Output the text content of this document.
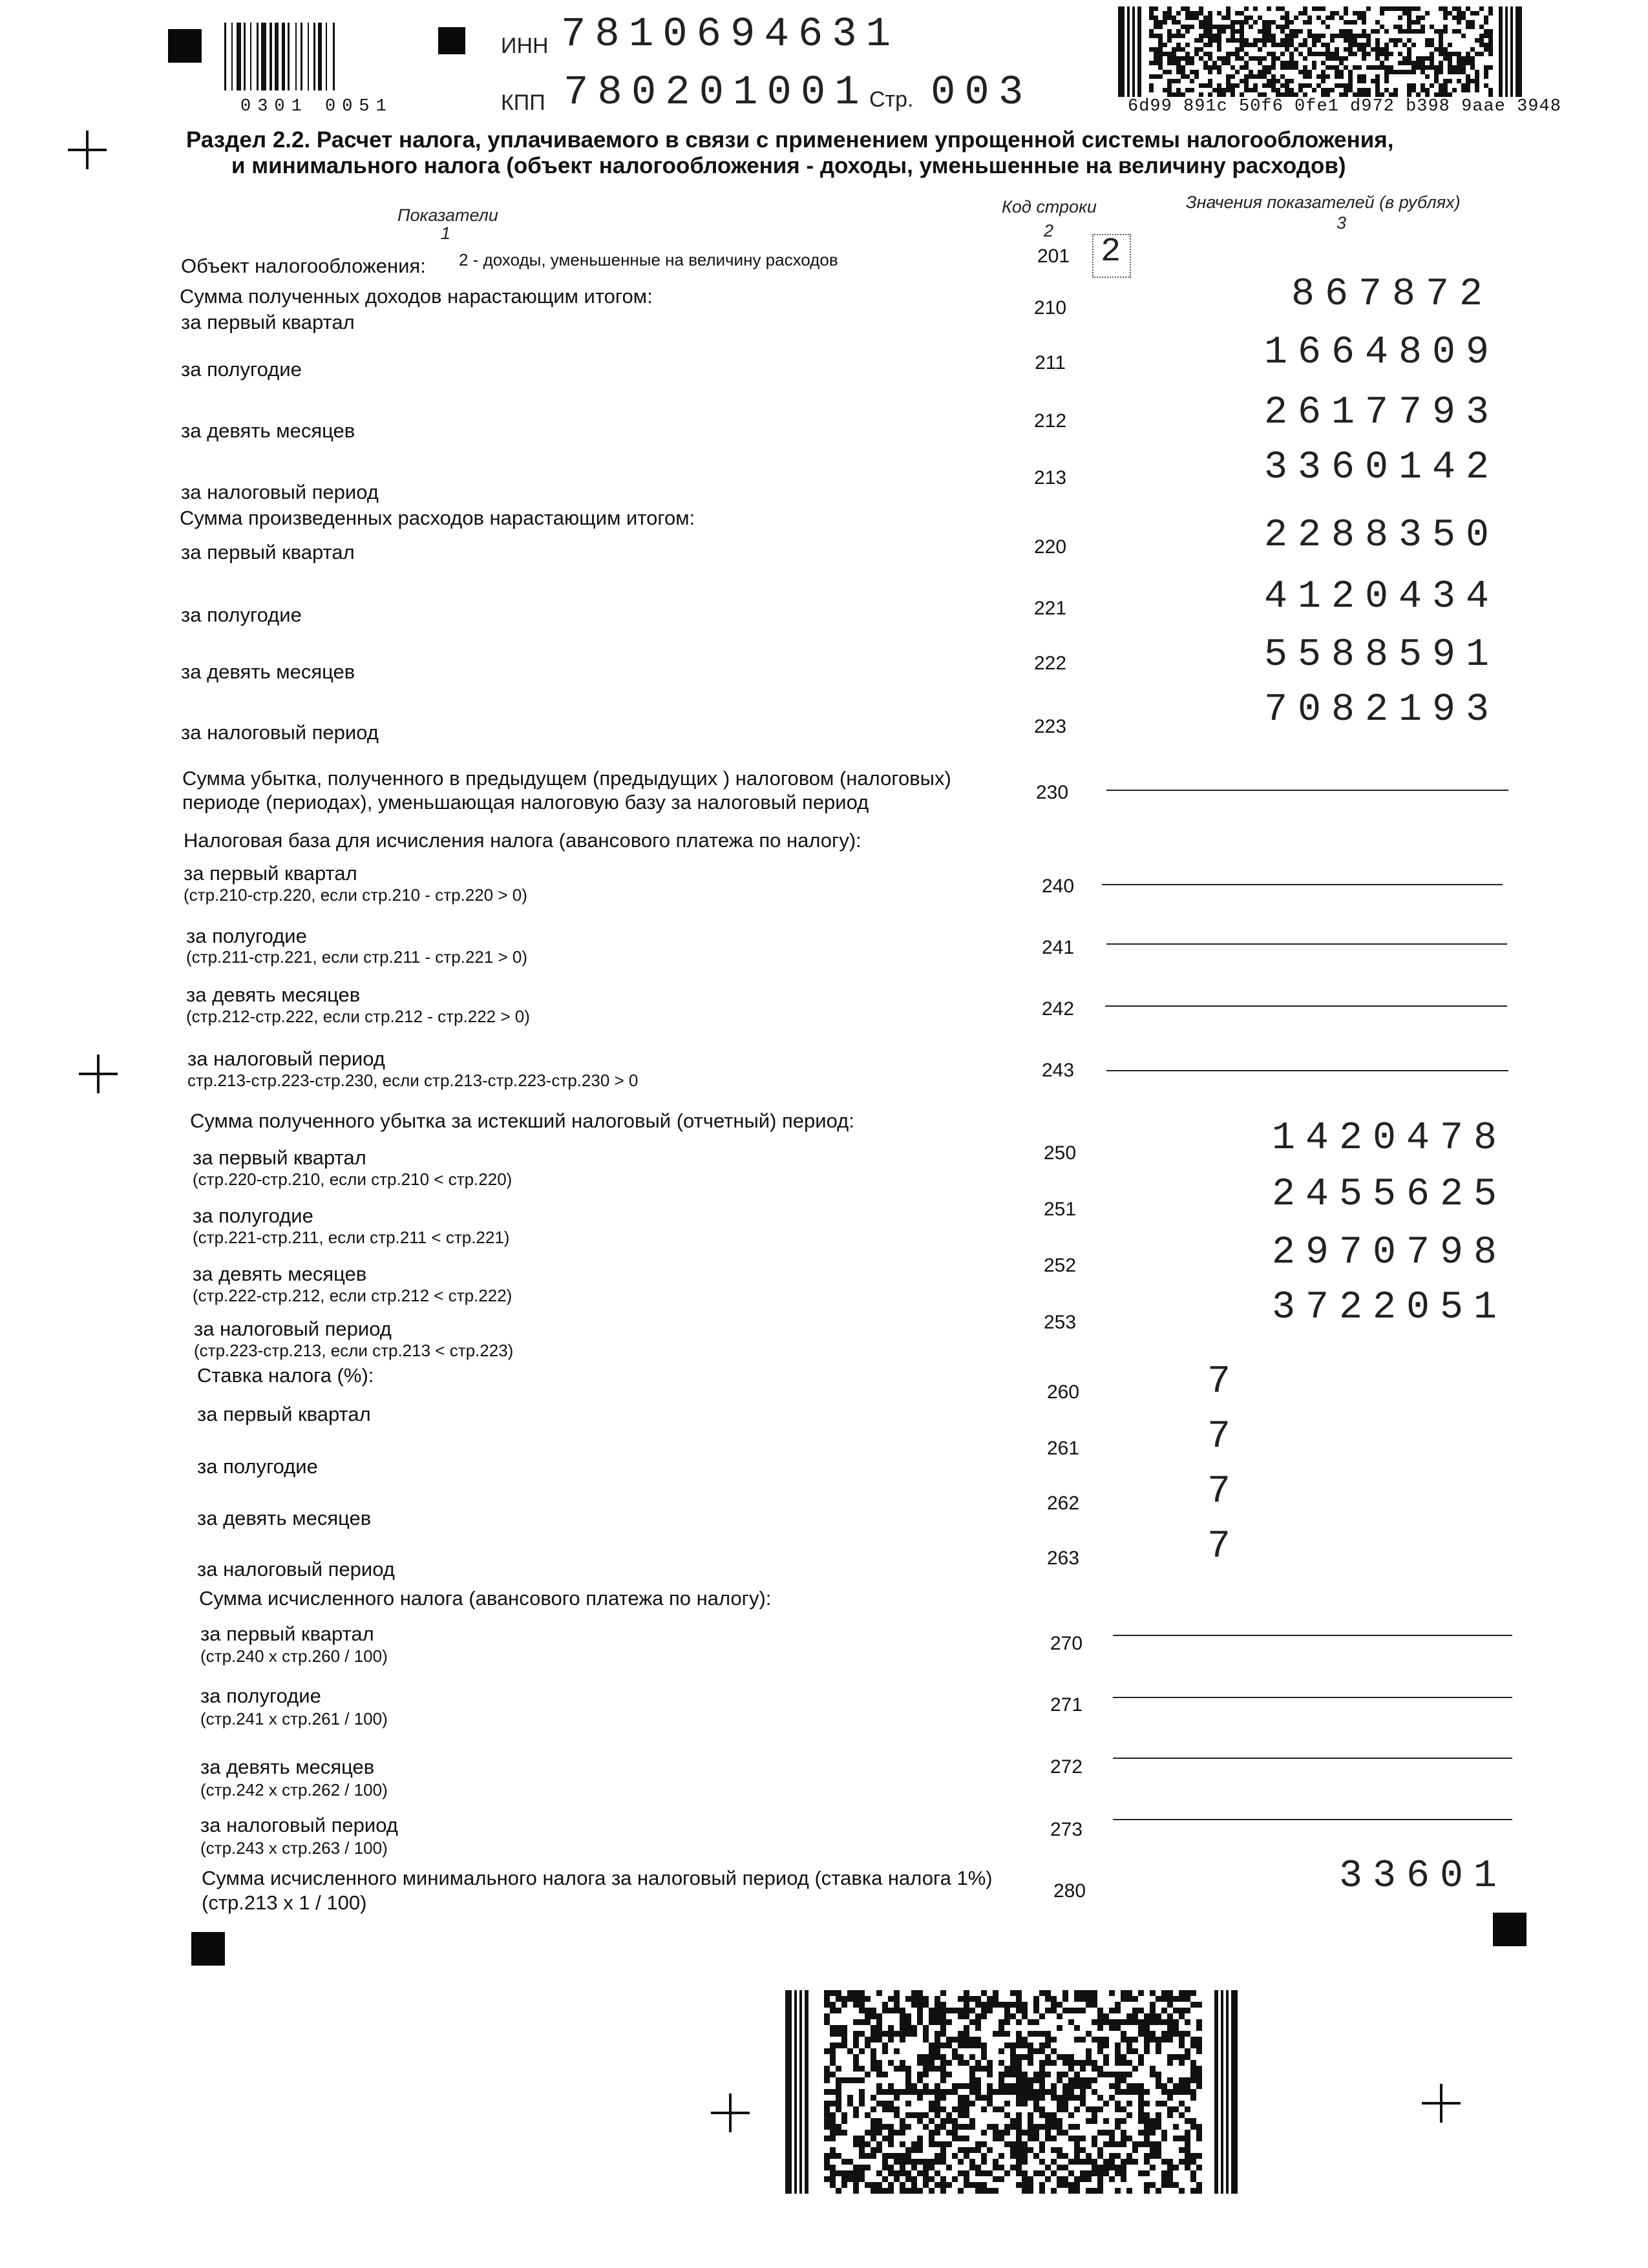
0301 0051
ИНН 7810694631
КПП 780201001 Стр. 003	6d99 891c 50f6 0fe1 d972 b398 9aae 3948
Раздел 2.2. Расчет налога, уплачиваемого в связи с применением упрощенной системы налогообложения,
и минимального налога (объект налогообложения - доходы, уменьшенные на величину расходов)
Показатели
1
Код строки
2
Значения показателей (в рублях)
3
Объект налогообложения: 2 - доходы, уменьшенные на величину расходов	201 2
Сумма полученных доходов нарастающим итогом:
за первый квартал
210	867872
за полугодие	211	1664809
за девять месяцев	212	2617793
за налоговый период
213	3360142
Сумма произведенных расходов нарастающим итогом:
за первый квартал	220	2288350
за полугодие	221	4120434
за девять месяцев	222	5588591
за налоговый период	223	7082193
Сумма убытка, полученного в предыдущем (предыдущих ) налоговом (налоговых)
периоде (периодах), уменьшающая налоговую базу за налоговый период	230
Налоговая база для исчисления налога (авансового платежа по налогу):
за первый квартал
(стр.210-стр.220, если стр.210 - стр.220 > 0)	240
за полугодие
(стр.211-стр.221, если стр.211 - стр.221 > 0)	241
за девять месяцев
(стр.212-стр.222, если стр.212 - стр.222 > 0)	242
за налоговый период
стр.213-стр.223-стр.230, если стр.213-стр.223-стр.230 > 0	243
Сумма полученного убытка за истекший налоговый (отчетный) период:
за первый квартал
(стр.220-стр.210, если стр.210 < стр.220)
250	1420478
за полугодие
(стр.221-стр.211, если стр.211 < стр.221)
251	2455625
за девять месяцев
(стр.222-стр.212, если стр.212 < стр.222)
252	2970798
за налоговый период
(стр.223-стр.213, если стр.213 < стр.223)
253	3722051
Ставка налога (%):
за первый квартал
260	7
за полугодие
261	7
за девять месяцев
262	7
за налоговый период	263	7
Сумма исчисленного налога (авансового платежа по налогу):
за первый квартал
(стр.240 х стр.260 / 100)
270
за полугодие
(стр.241 х стр.261 / 100)
271
за девять месяцев
(стр.242 х стр.262 / 100)
272
за налоговый период
(стр.243 х стр.263 / 100)
273
Сумма исчисленного минимального налога за налоговый период (ставка налога 1%)
(стр.213 х 1 / 100)
280	33601
